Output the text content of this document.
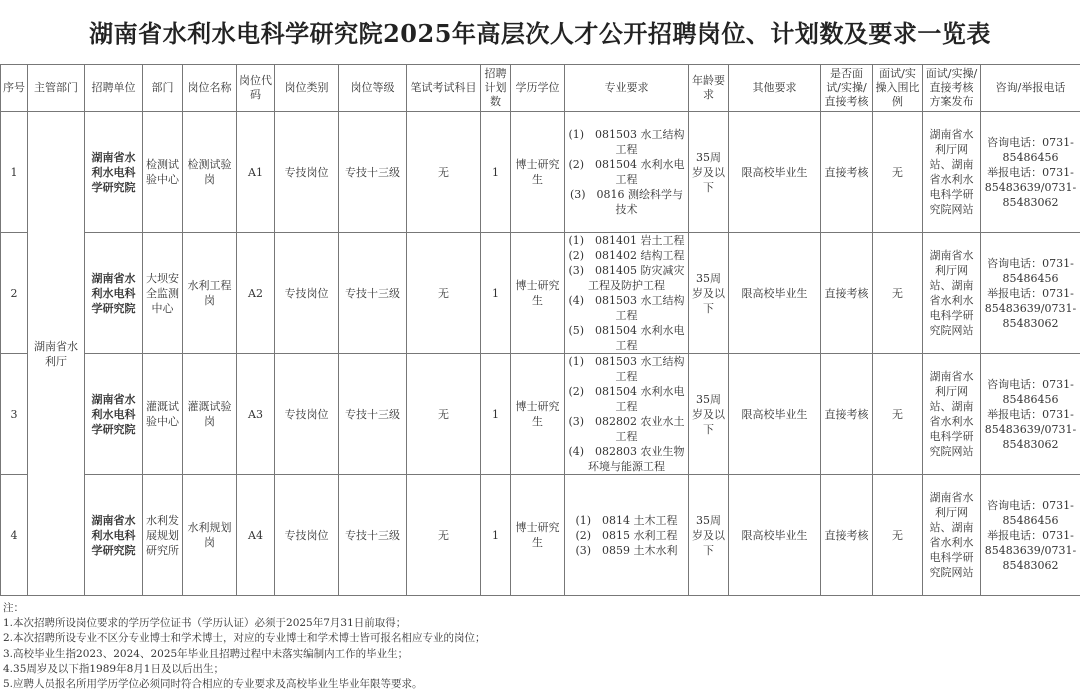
湖南省水利水电科学研究院2025年高层次人才公开招聘岗位、计划数及要求一览表
序号	主管部门	招聘单位	部门	岗位名称	岗位代码	岗位类别	岗位等级	笔试考试科目	招聘计划数	学历学位	专业要求	年龄要求	其他要求	是否面试/实操/直接考核	面试/实操入围比例	面试/实操/直接考核方案发布	咨询/举报电话
1	湖南省水利厅	湖南省水利水电科学研究院	检测试验中心	检测试验岗	A1	专技岗位	专技十三级	无	1	博士研究生	(1)　081503 水工结构工程
(2)　081504 水利水电工程
(3)　0816 测绘科学与技术	35周岁及以下	限高校毕业生	直接考核	无	湖南省水利厅网站、湖南省水利水电科学研究院网站	咨询电话：0731-85486456
举报电话：0731-85483639/0731-85483062

2		湖南省水利水电科学研究院	大坝安全监测中心	水利工程岗	A2	专技岗位	专技十三级	无	1	博士研究生	(1)　081401 岩土工程
(2)　081402 结构工程
(3)　081405 防灾减灾工程及防护工程
(4)　081503 水工结构工程
(5)　081504 水利水电工程	35周岁及以下	限高校毕业生	直接考核	无	湖南省水利厅网站、湖南省水利水电科学研究院网站	咨询电话：0731-85486456
举报电话：0731-85483639/0731-85483062

3		湖南省水利水电科学研究院	灌溉试验中心	灌溉试验岗	A3	专技岗位	专技十三级	无	1	博士研究生	(1)　081503 水工结构工程
(2)　081504 水利水电工程
(3)　082802 农业水土工程
(4)　082803 农业生物环境与能源工程	35周岁及以下	限高校毕业生	直接考核	无	湖南省水利厅网站、湖南省水利水电科学研究院网站	咨询电话：0731-85486456
举报电话：0731-85483639/0731-85483062

4		湖南省水利水电科学研究院	水利发展规划研究所	水利规划岗	A4	专技岗位	专技十三级	无	1	博士研究生	(1)　0814 土木工程
(2)　0815 水利工程
(3)　0859 土木水利	35周岁及以下	限高校毕业生	直接考核	无	湖南省水利厅网站、湖南省水利水电科学研究院网站	咨询电话：0731-85486456
举报电话：0731-85483639/0731-85483062
注：
1.本次招聘所设岗位要求的学历学位证书（学历认证）必须于2025年7月31日前取得；
2.本次招聘所设专业不区分专业博士和学术博士，对应的专业博士和学术博士皆可报名相应专业的岗位；
3.高校毕业生指2023、2024、2025年毕业且招聘过程中未落实编制内工作的毕业生；
4.35周岁及以下指1989年8月1日及以后出生；
5.应聘人员报名所用学历学位必须同时符合相应的专业要求及高校毕业生毕业年限等要求。
